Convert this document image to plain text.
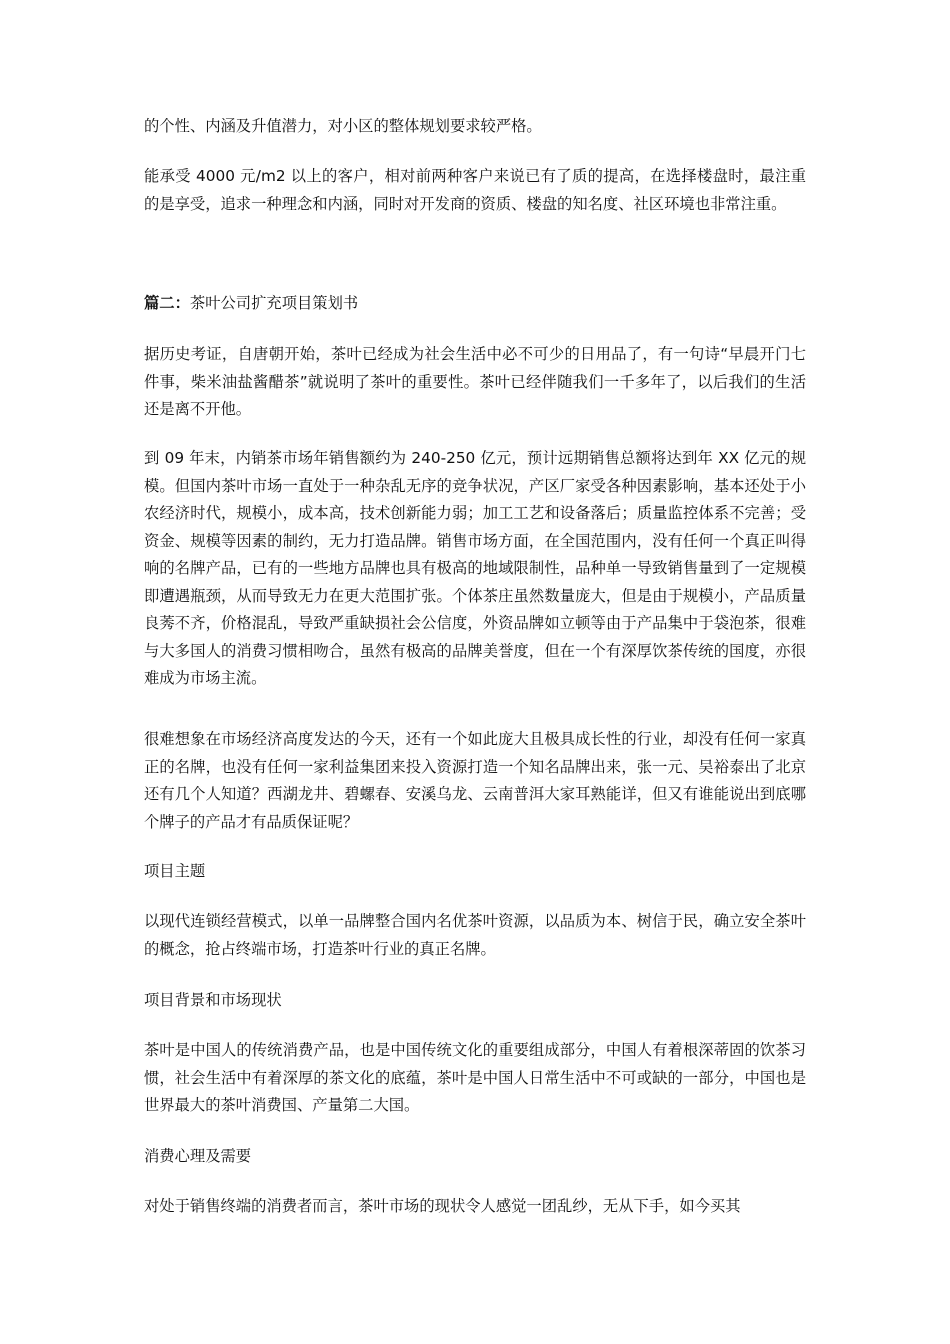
的个性、内涵及升值潜力，对小区的整体规划要求较严格。

能承受 4000 元/m2 以上的客户，相对前两种客户来说已有了质的提高，在选择楼盘时，最注重的是享受，追求一种理念和内涵，同时对开发商的资质、楼盘的知名度、社区环境也非常注重。

篇二：茶叶公司扩充项目策划书

据历史考证，自唐朝开始，茶叶已经成为社会生活中必不可少的日用品了，有一句诗“早晨开门七件事，柴米油盐酱醋茶”就说明了茶叶的重要性。茶叶已经伴随我们一千多年了，以后我们的生活还是离不开他。

到 09 年末，内销茶市场年销售额约为 240-250 亿元，预计远期销售总额将达到年 XX 亿元的规模。但国内茶叶市场一直处于一种杂乱无序的竞争状况，产区厂家受各种因素影响，基本还处于小农经济时代，规模小，成本高，技术创新能力弱；加工工艺和设备落后；质量监控体系不完善；受资金、规模等因素的制约，无力打造品牌。销售市场方面，在全国范围内，没有任何一个真正叫得响的名牌产品，已有的一些地方品牌也具有极高的地域限制性，品种单一导致销售量到了一定规模即遭遇瓶颈，从而导致无力在更大范围扩张。个体茶庄虽然数量庞大，但是由于规模小，产品质量良莠不齐，价格混乱，导致严重缺损社会公信度，外资品牌如立顿等由于产品集中于袋泡茶，很难与大多国人的消费习惯相吻合，虽然有极高的品牌美誉度，但在一个有深厚饮茶传统的国度，亦很难成为市场主流。

很难想象在市场经济高度发达的今天，还有一个如此庞大且极具成长性的行业，却没有任何一家真正的名牌，也没有任何一家利益集团来投入资源打造一个知名品牌出来，张一元、吴裕泰出了北京还有几个人知道？西湖龙井、碧螺春、安溪乌龙、云南普洱大家耳熟能详，但又有谁能说出到底哪个牌子的产品才有品质保证呢？

项目主题

以现代连锁经营模式，以单一品牌整合国内名优茶叶资源，以品质为本、树信于民，确立安全茶叶的概念，抢占终端市场，打造茶叶行业的真正名牌。

项目背景和市场现状

茶叶是中国人的传统消费产品，也是中国传统文化的重要组成部分，中国人有着根深蒂固的饮茶习惯，社会生活中有着深厚的茶文化的底蕴，茶叶是中国人日常生活中不可或缺的一部分，中国也是世界最大的茶叶消费国、产量第二大国。

消费心理及需要

对处于销售终端的消费者而言，茶叶市场的现状令人感觉一团乱纱，无从下手，如今买其
